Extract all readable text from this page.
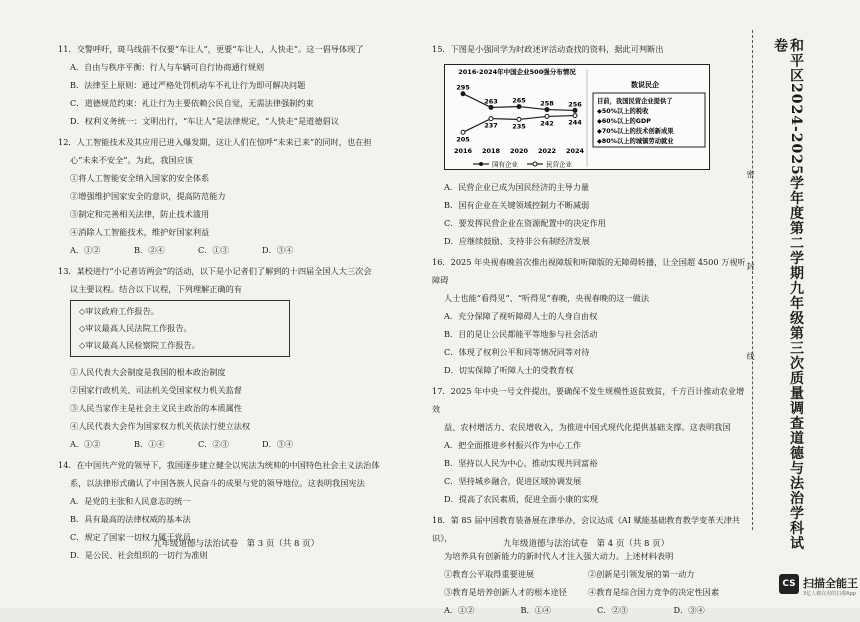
11．交警呼吁，斑马线前不仅要“车让人”，更要“车让人，人快走”。这一倡导体现了
A．自由与秩序平衡：行人与车辆可自行协商通行规则
B．法律至上原则：通过严格处罚机动车不礼让行为即可解决问题
C．道德规范约束：礼让行为主要依赖公民自觉，无需法律强制约束
D．权利义务统一：文明出行，“车让人”是法律规定，“人快走”是道德倡议
12．人工智能技术及其应用已进入爆发期，这让人们在惊呼“未来已来”的同时，也在担
心“未来不安全”。为此，我国应该
①将人工智能安全纳入国家的安全体系
②增强维护国家安全的意识，提高防范能力
③制定和完善相关法律，防止技术滥用
④消除人工智能技术，维护好国家利益
A．①②	B．②④	C．①③	D．③④
13．某校进行“小记者访两会”的活动，以下是小记者们了解到的十四届全国人大三次会
议主要议程。结合以下议程，下列理解正确的有
◇审议政府工作报告。
◇审议最高人民法院工作报告。
◇审议最高人民检察院工作报告。
①人民代表大会制度是我国的根本政治制度
②国家行政机关、司法机关受国家权力机关监督
③人民当家作主是社会主义民主政治的本质属性
④人民代表大会作为国家权力机关依法行使立法权
A．①②	B．①④	C．②③	D．③④
14．在中国共产党的领导下，我国逐步建立健全以宪法为统帅的中国特色社会主义法治体
系，以法律形式确认了中国各族人民奋斗的成果与党的领导地位。这表明我国宪法
A．是党的主张和人民意志的统一
B．具有最高的法律权威的基本法
C．规定了国家一切权力属于党员
D．是公民、社会组织的一切行为准则
九年级道德与法治试卷　第 3 页（共 8 页）
15．下图是小强同学为时政述评活动查找的资料，据此可判断出
2016-2024年中国企业500强分布情况
2016 2018 2020 2022 2024
295
263 265 258 256
205
237 235 242 244
国有企业	民营企业
数说民企
目前，我国民营企业提供了
◆50%以上的税收
◆60%以上的GDP
◆70%以上的技术创新成果
◆80%以上的城镇劳动就业
A．民营企业已成为国民经济的主导力量
B．国有企业在关键领域控制力不断减弱
C．要发挥民营企业在资源配置中的决定作用
D．应继续鼓励、支持非公有制经济发展
16．2025 年央视春晚首次推出视障版和听障版的无障碍转播，让全国超 4500 万视听障碍
人士也能“看得见”、“听得见”春晚，央视春晚的这一做法
A．充分保障了视听障碍人士的人身自由权
B．目的是让公民都能平等地参与社会活动
C．体现了权利公平和同等情况同等对待
D．切实保障了听障人士的受教育权
17．2025 年中央一号文件提出，要确保不发生规模性返贫致贫，千方百计推动农业增效
益、农村增活力、农民增收入，为推进中国式现代化提供基础支撑。这表明我国
A．把全面推进乡村振兴作为中心工作
B．坚持以人民为中心，推动实现共同富裕
C．坚持城乡融合，促进区域协调发展
D．提高了农民素质，促进全面小康的实现
18．第 85 届中国教育装备展在津举办，会议达成《AI 赋能基础教育教学变革天津共识》，
为培养具有创新能力的新时代人才注入强大动力。上述材料表明
①教育公平取得重要进展	②创新是引领发展的第一动力
③教育是培养创新人才的根本途径	④教育是综合国力竞争的决定性因素
A．①②	B．①④	C．②③	D．③④
九年级道德与法治试卷　第 4 页（共 8 页）
密
封
线	和平区2024-2025学年度第二学期九年级第三次质量调查道德与法治学科试卷
CS 扫描全能王
3亿人都在用的扫描App
